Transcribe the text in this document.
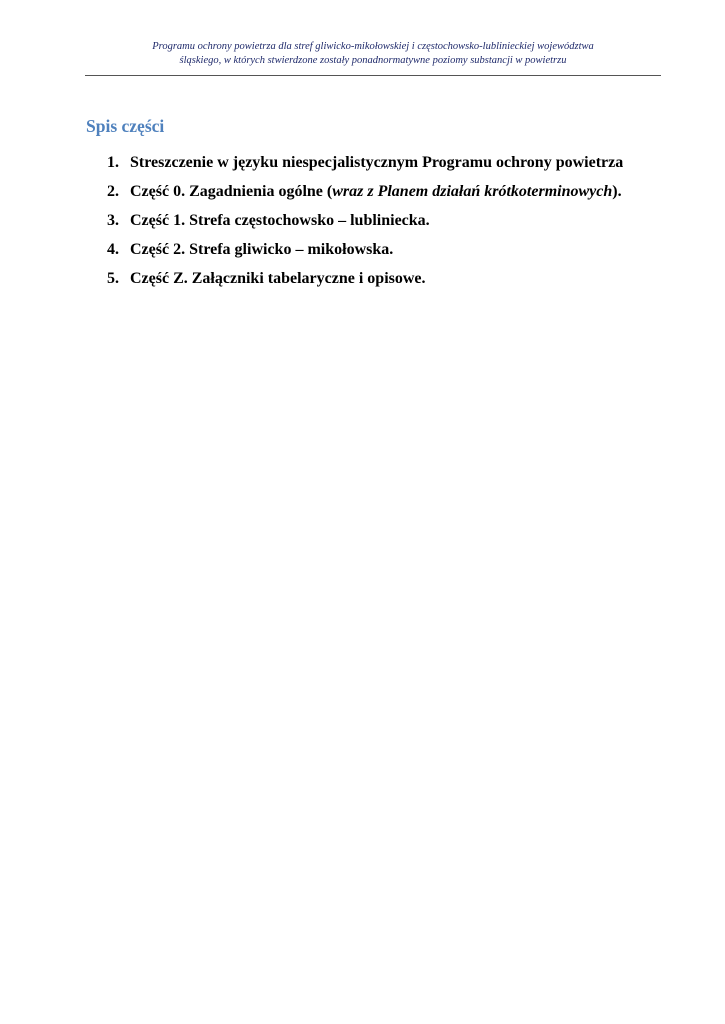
Programu ochrony powietrza dla stref gliwicko-mikołowskiej i częstochowsko-lublinieckiej województwa
śląskiego, w których stwierdzone zostały ponadnormatywne poziomy substancji w powietrzu
Spis części
1. Streszczenie w języku niespecjalistycznym Programu ochrony powietrza
2. Część 0. Zagadnienia ogólne (wraz z Planem działań krótkoterminowych).
3. Część 1. Strefa częstochowsko – lubliniecka.
4. Część 2. Strefa gliwicko – mikołowska.
5. Część Z. Załączniki tabelaryczne i opisowe.
